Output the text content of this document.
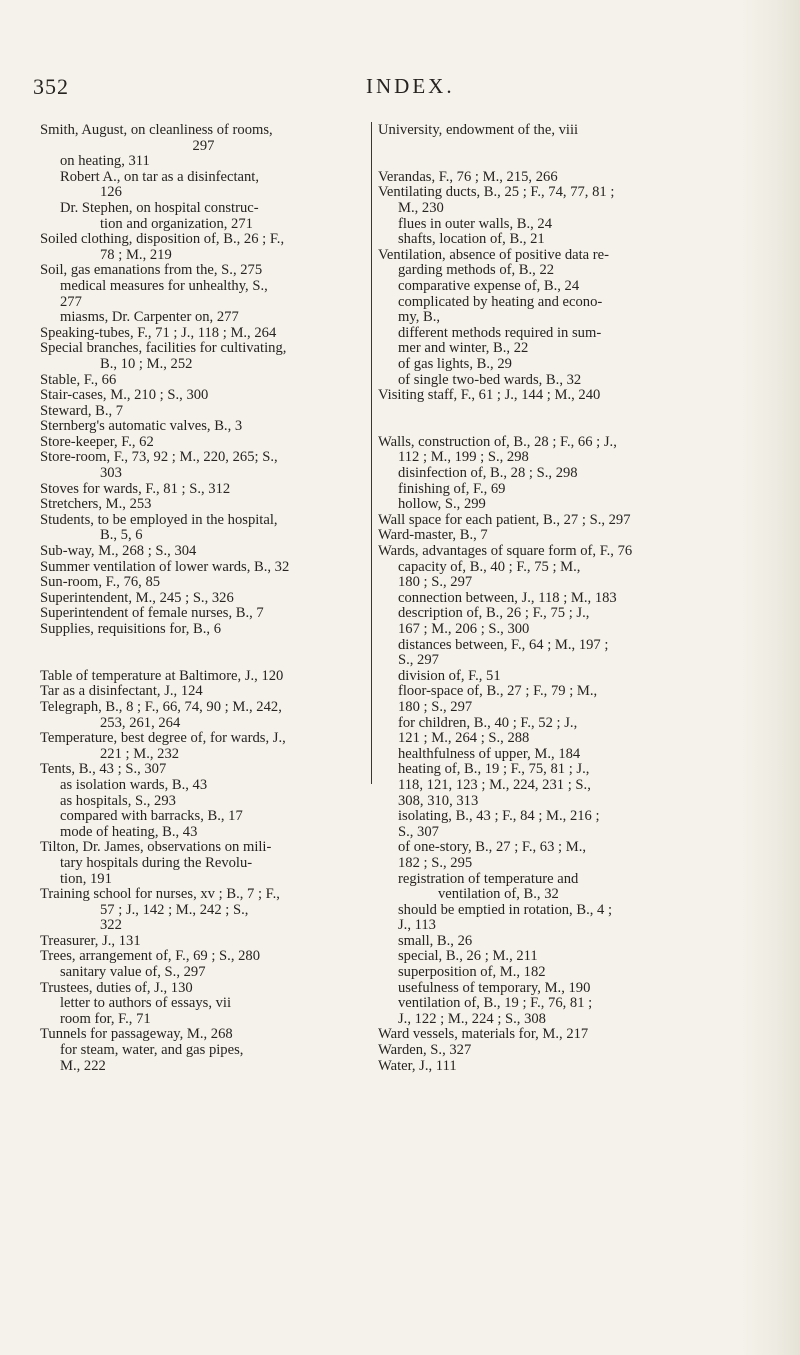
352	INDEX.
Smith, August, on cleanliness of rooms,
297
on heating, 311
Robert A., on tar as a disinfectant,
126
Dr. Stephen, on hospital construc-
tion and organization, 271
Soiled clothing, disposition of, B., 26 ; F.,
78 ; M., 219
Soil, gas emanations from the, S., 275
medical measures for unhealthy, S.,
277
miasms, Dr. Carpenter on, 277
Speaking-tubes, F., 71 ; J., 118 ; M., 264
Special branches, facilities for cultivating,
B., 10 ; M., 252
Stable, F., 66
Stair-cases, M., 210 ; S., 300
Steward, B., 7
Sternberg's automatic valves, B., 3
Store-keeper, F., 62
Store-room, F., 73, 92 ; M., 220, 265; S.,
303
Stoves for wards, F., 81 ; S., 312
Stretchers, M., 253
Students, to be employed in the hospital,
B., 5, 6
Sub-way, M., 268 ; S., 304
Summer ventilation of lower wards, B., 32
Sun-room, F., 76, 85
Superintendent, M., 245 ; S., 326
Superintendent of female nurses, B., 7
Supplies, requisitions for, B., 6
Table of temperature at Baltimore, J., 120
Tar as a disinfectant, J., 124
Telegraph, B., 8 ; F., 66, 74, 90 ; M., 242,
253, 261, 264
Temperature, best degree of, for wards, J.,
221 ; M., 232
Tents, B., 43 ; S., 307
as isolation wards, B., 43
as hospitals, S., 293
compared with barracks, B., 17
mode of heating, B., 43
Tilton, Dr. James, observations on mili-
tary hospitals during the Revolu-
tion, 191
Training school for nurses, xv ; B., 7 ; F.,
57 ; J., 142 ; M., 242 ; S.,
322
Treasurer, J., 131
Trees, arrangement of, F., 69 ; S., 280
sanitary value of, S., 297
Trustees, duties of, J., 130
letter to authors of essays, vii
room for, F., 71
Tunnels for passageway, M., 268
for steam, water, and gas pipes,
M., 222
University, endowment of the, viii
Verandas, F., 76 ; M., 215, 266
Ventilating ducts, B., 25 ; F., 74, 77, 81 ;
M., 230
flues in outer walls, B., 24
shafts, location of, B., 21
Ventilation, absence of positive data re-
garding methods of, B., 22
comparative expense of, B., 24
complicated by heating and econo-
my, B.,
different methods required in sum-
mer and winter, B., 22
of gas lights, B., 29
of single two-bed wards, B., 32
Visiting staff, F., 61 ; J., 144 ; M., 240
Walls, construction of, B., 28 ; F., 66 ; J.,
112 ; M., 199 ; S., 298
disinfection of, B., 28 ; S., 298
finishing of, F., 69
hollow, S., 299
Wall space for each patient, B., 27 ; S., 297
Ward-master, B., 7
Wards, advantages of square form of, F., 76
capacity of, B., 40 ; F., 75 ; M.,
180 ; S., 297
connection between, J., 118 ; M., 183
description of, B., 26 ; F., 75 ; J.,
167 ; M., 206 ; S., 300
distances between, F., 64 ; M., 197 ;
S., 297
division of, F., 51
floor-space of, B., 27 ; F., 79 ; M.,
180 ; S., 297
for children, B., 40 ; F., 52 ; J.,
121 ; M., 264 ; S., 288
healthfulness of upper, M., 184
heating of, B., 19 ; F., 75, 81 ; J.,
118, 121, 123 ; M., 224, 231 ; S.,
308, 310, 313
isolating, B., 43 ; F., 84 ; M., 216 ;
S., 307
of one-story, B., 27 ; F., 63 ; M.,
182 ; S., 295
registration of temperature and
ventilation of, B., 32
should be emptied in rotation, B., 4 ;
J., 113
small, B., 26
special, B., 26 ; M., 211
superposition of, M., 182
usefulness of temporary, M., 190
ventilation of, B., 19 ; F., 76, 81 ;
J., 122 ; M., 224 ; S., 308
Ward vessels, materials for, M., 217
Warden, S., 327
Water, J., 111
